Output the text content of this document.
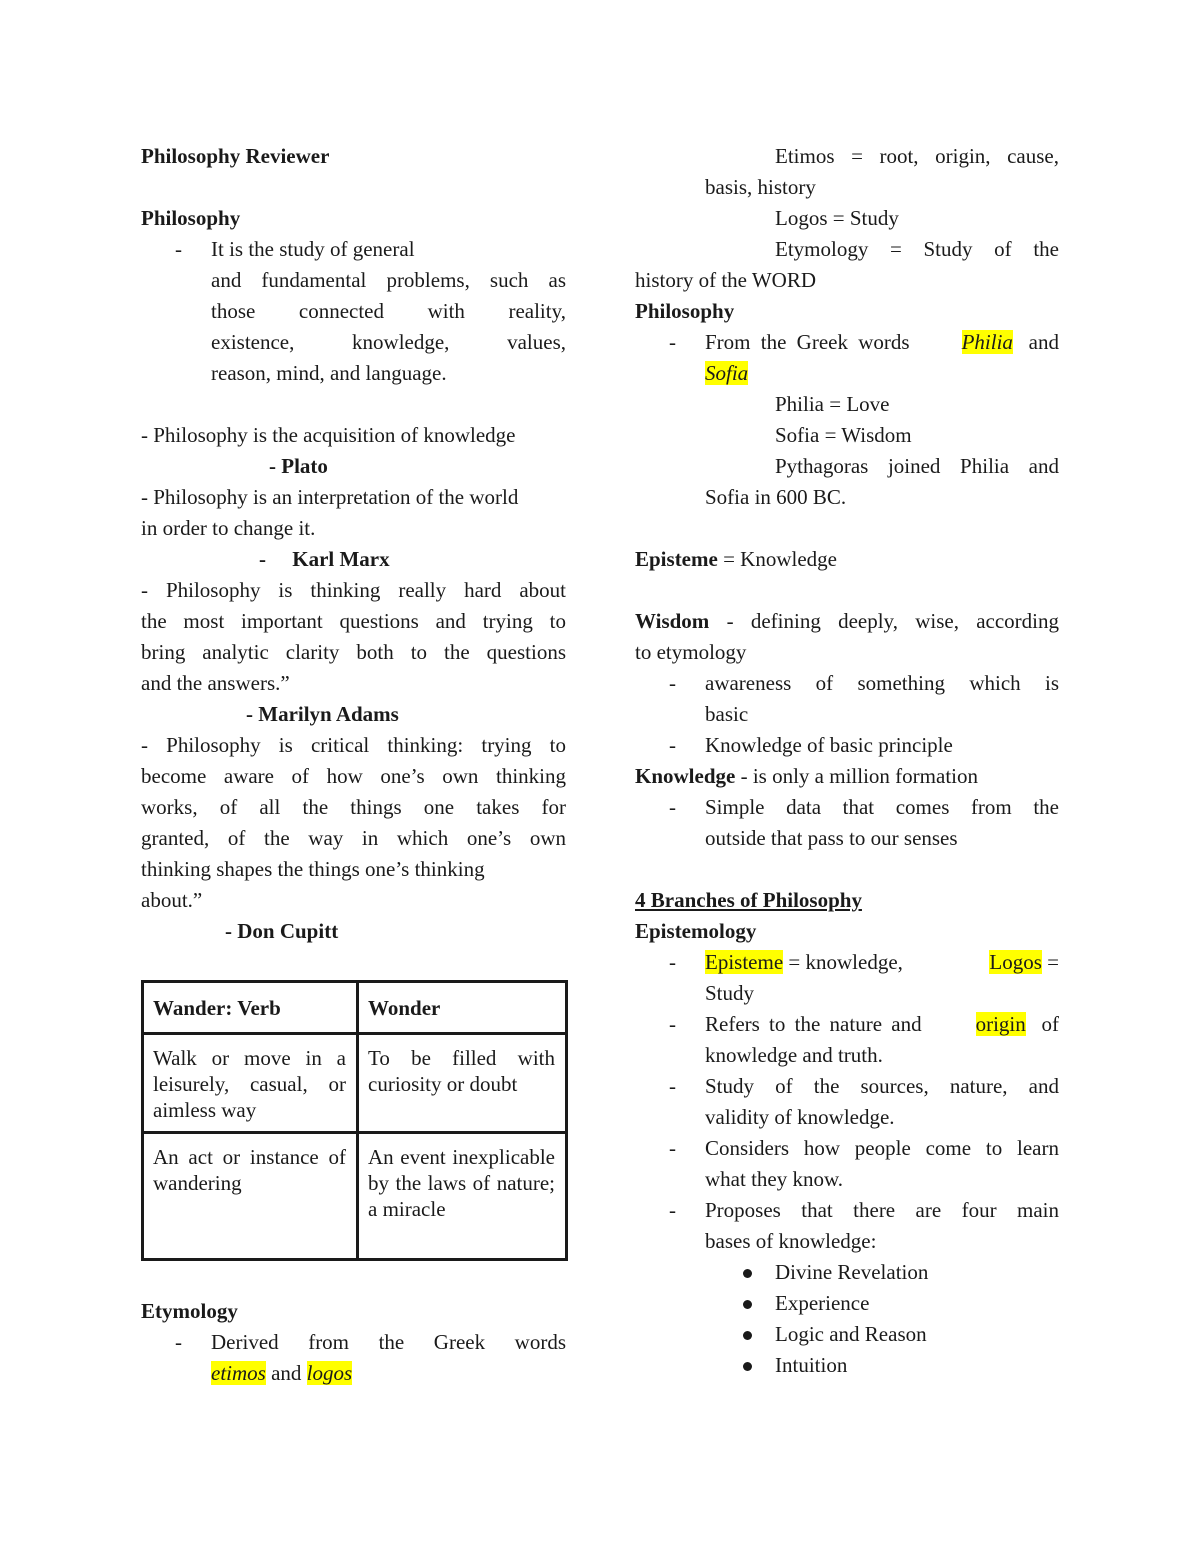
Philosophy Reviewer

Philosophy

- It is the study of general

and fundamental problems, such as

those connected with reality,

existence, knowledge, values,

reason, mind, and language.

- Philosophy is the acquisition of knowledge

- Plato

- Philosophy is an interpretation of the world

in order to change it.

-     Karl Marx

- Philosophy is thinking really hard about

the most important questions and trying to

bring analytic clarity both to the questions

and the answers.”

- Marilyn Adams

- Philosophy is critical thinking: trying to

become aware of how one’s own thinking

works, of all the things one takes for

granted, of the way in which one’s own

thinking shapes the things one’s thinking

about.”

- Don Cupitt

Wander: Verb	Wonder
Walk or move in a leisurely, casual, or aimless way	To be filled with curiosity or doubt
An act or instance of wandering	An event inexplicable by the laws of nature; a miracle

Etymology

- Derived from the Greek words

etimos and logos

Etimos = root, origin, cause,

basis, history

Logos = Study

Etymology = Study of the

history of the WORD

Philosophy

- From the Greek words Philia and

Sofia

Philia = Love

Sofia = Wisdom

Pythagoras joined Philia and

Sofia in 600 BC.

Episteme = Knowledge

Wisdom - defining deeply, wise, according

to etymology

- awareness of something which is

basic

- Knowledge of basic principle

Knowledge - is only a million formation

- Simple data that comes from the

outside that pass to our senses

4 Branches of Philosophy

Epistemology

- Episteme = knowledge,	Logos =

Study

- Refers to the nature and	origin of

knowledge and truth.

- Study of the sources, nature, and

validity of knowledge.

- Considers how people come to learn

what they know.

- Proposes that there are four main

bases of knowledge:

Divine Revelation

Experience

Logic and Reason

Intuition
